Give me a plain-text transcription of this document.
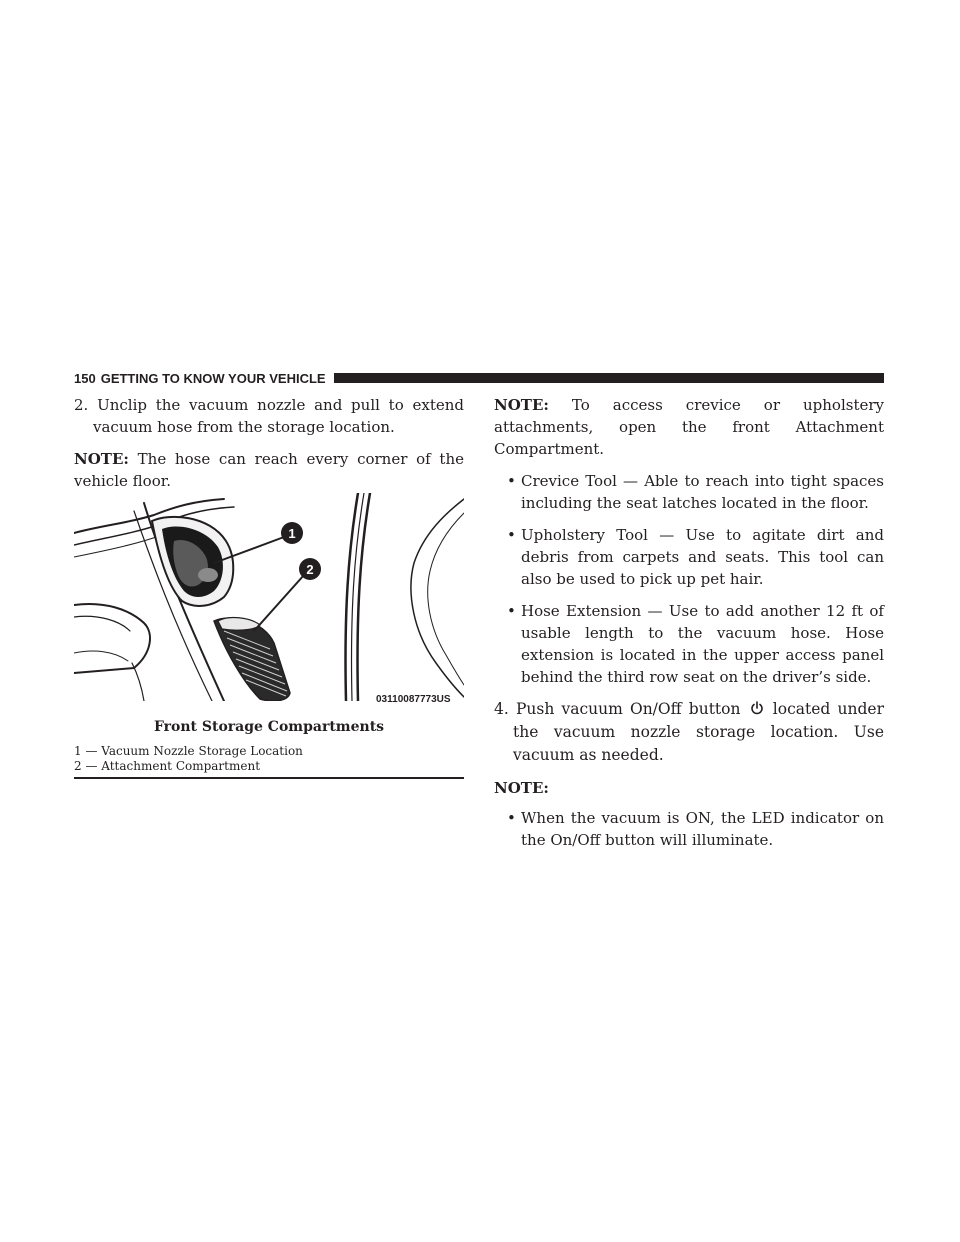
150 GETTING TO KNOW YOUR VEHICLE

2. Unclip the vacuum nozzle and pull to extend vacuum hose from the storage location.

NOTE: The hose can reach every corner of the vehicle floor.

1
2
03110087773US
Front Storage Compartments
1 — Vacuum Nozzle Storage Location
2 — Attachment Compartment

NOTE: To access crevice or upholstery attachments, open the front Attachment Compartment.

• Crevice Tool — Able to reach into tight spaces including the seat latches located in the floor.

• Upholstery Tool — Use to agitate dirt and debris from carpets and seats. This tool can also be used to pick up pet hair.

• Hose Extension — Use to add another 12 ft of usable length to the vacuum hose. Hose extension is located in the upper access panel behind the third row seat on the driver’s side.

4. Push vacuum On/Off button  located under the vacuum nozzle storage location. Use vacuum as needed.

NOTE:

• When the vacuum is ON, the LED indicator on the On/Off button will illuminate.
